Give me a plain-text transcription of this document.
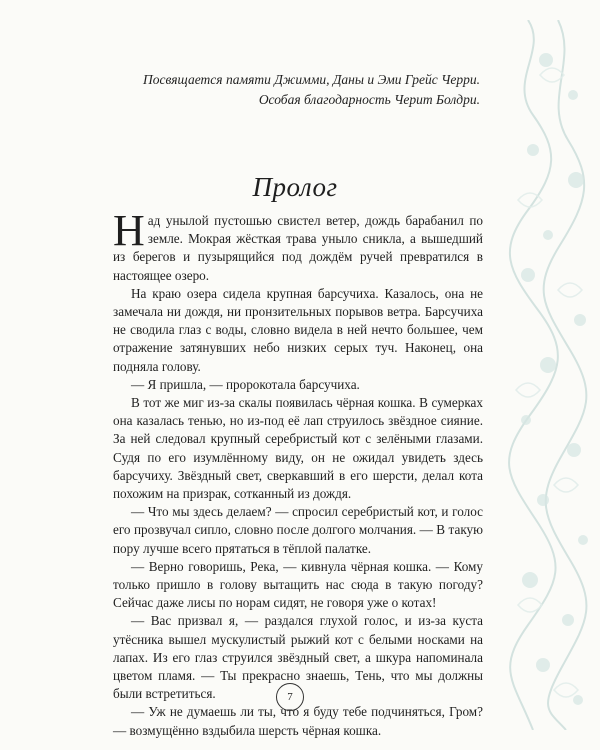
Посвящается памяти Джимми, Даны и Эми Грейс Черри.
Особая благодарность Черит Болдри.
Пролог

Над унылой пустошью свистел ветер, дождь барабанил по земле. Мокрая жёсткая трава уныло сникла, а вышедший из берегов и пузырящийся под дождём ручей превратился в настоящее озеро.

На краю озера сидела крупная барсучиха. Казалось, она не замечала ни дождя, ни пронзительных порывов ветра. Барсучиха не сводила глаз с воды, словно видела в ней нечто большее, чем отражение затянувших небо низких серых туч. Наконец, она подняла голову.

— Я пришла, — пророкотала барсучиха.

В тот же миг из-за скалы появилась чёрная кошка. В сумерках она казалась тенью, но из-под её лап струилось звёздное сияние. За ней следовал крупный серебристый кот с зелёными глазами. Судя по его изумлённому виду, он не ожидал увидеть здесь барсучиху. Звёздный свет, сверкавший в его шерсти, делал кота похожим на призрак, сотканный из дождя.

— Что мы здесь делаем? — спросил серебристый кот, и голос его прозвучал сипло, словно после долгого молчания. — В такую пору лучше всего прятаться в тёплой палатке.

— Верно говоришь, Река, — кивнула чёрная кошка. — Кому только пришло в голову вытащить нас сюда в такую погоду? Сейчас даже лисы по норам сидят, не говоря уже о котах!

— Вас призвал я, — раздался глухой голос, и из-за куста утёсника вышел мускулистый рыжий кот с белыми носками на лапах. Из его глаз струился звёздный свет, а шкура напоминала цветом пламя. — Ты прекрасно знаешь, Тень, что мы должны были встретиться.

— Уж не думаешь ли ты, что я буду тебе подчиняться, Гром? — возмущённо вздыбила шерсть чёрная кошка.

7
